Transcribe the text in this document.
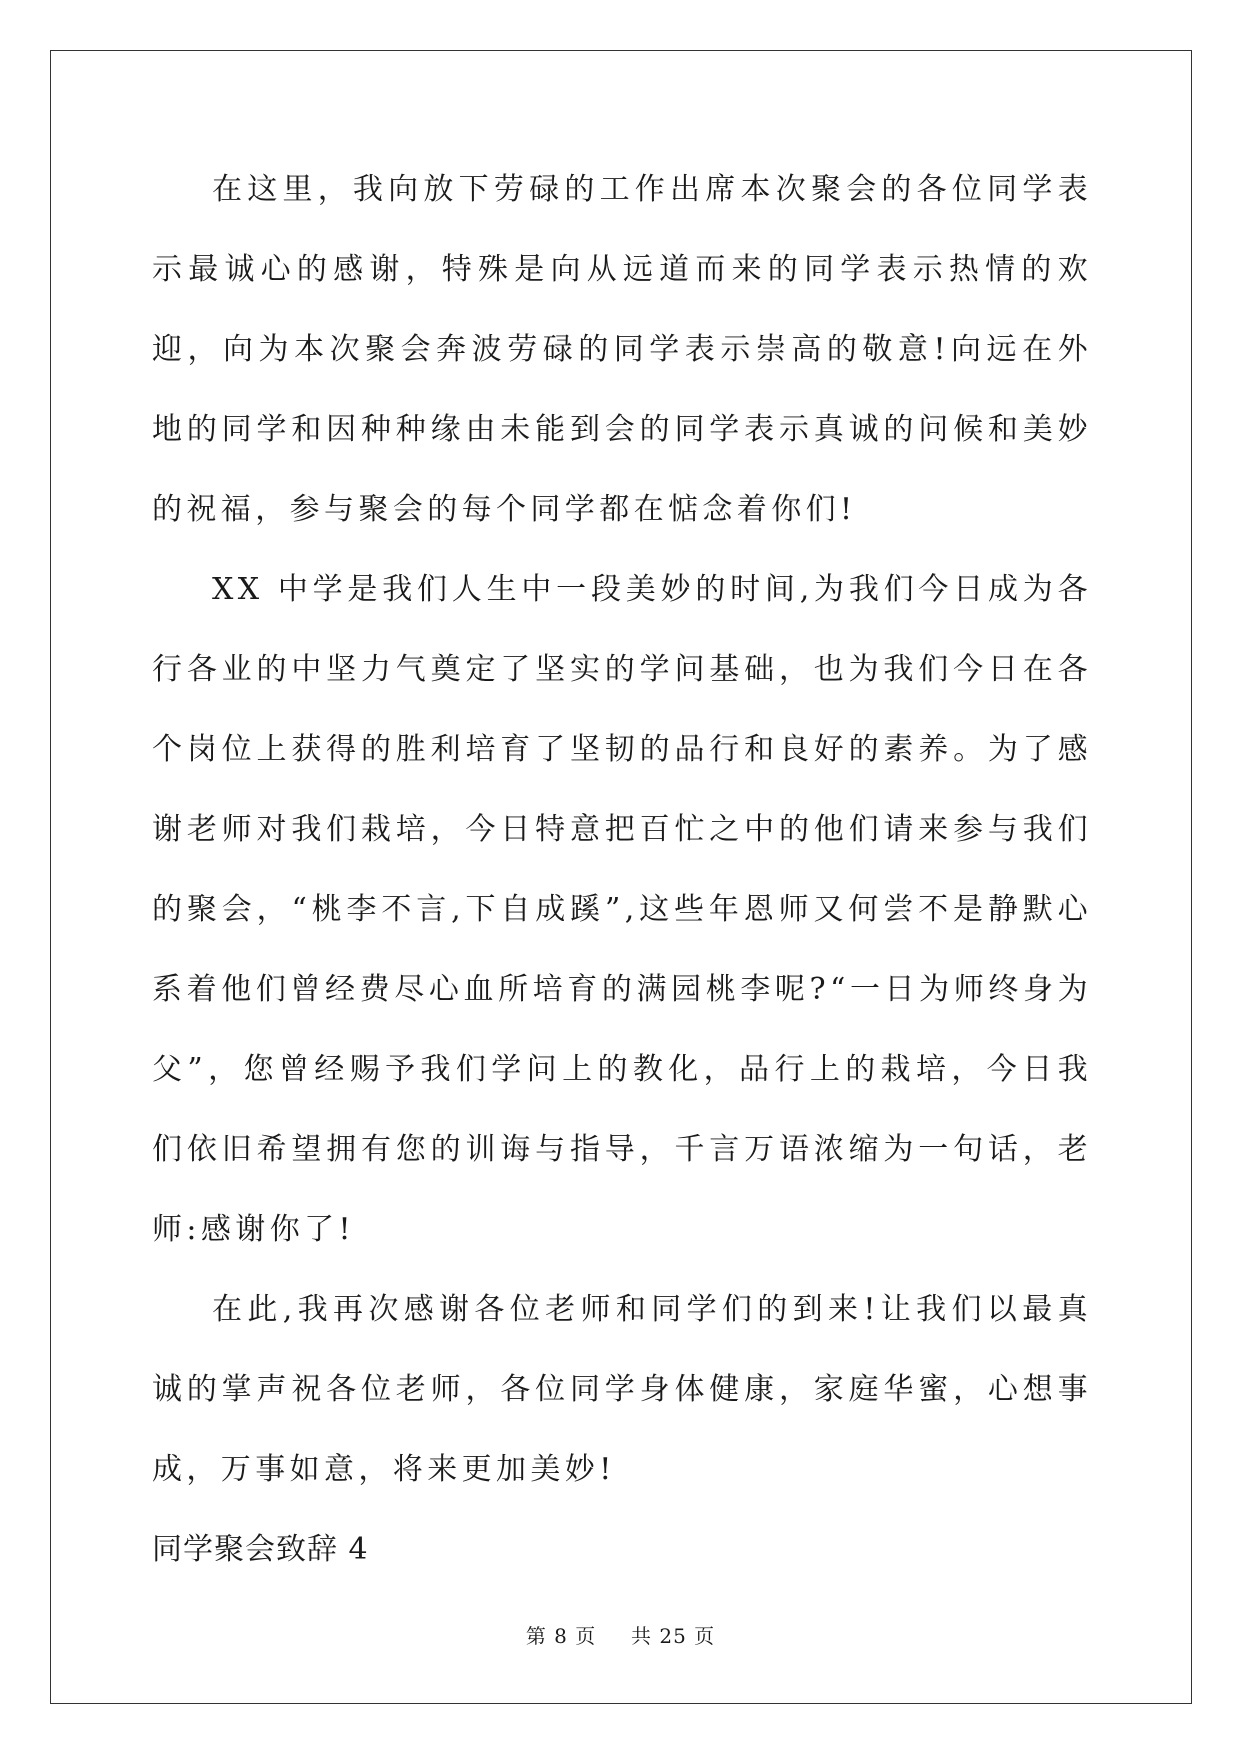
在这里，我向放下劳碌的工作出席本次聚会的各位同学表示最诚心的感谢，特殊是向从远道而来的同学表示热情的欢迎，向为本次聚会奔波劳碌的同学表示崇高的敬意!向远在外地的同学和因种种缘由未能到会的同学表示真诚的问候和美妙的祝福，参与聚会的每个同学都在惦念着你们!

XX 中学是我们人生中一段美妙的时间,为我们今日成为各行各业的中坚力气奠定了坚实的学问基础，也为我们今日在各个岗位上获得的胜利培育了坚韧的品行和良好的素养。为了感谢老师对我们栽培，今日特意把百忙之中的他们请来参与我们的聚会，“桃李不言,下自成蹊”,这些年恩师又何尝不是静默心系着他们曾经费尽心血所培育的满园桃李呢?“一日为师终身为父”，您曾经赐予我们学问上的教化，品行上的栽培，今日我们依旧希望拥有您的训诲与指导，千言万语浓缩为一句话，老师:感谢你了!

在此,我再次感谢各位老师和同学们的到来!让我们以最真诚的掌声祝各位老师，各位同学身体健康，家庭华蜜，心想事成，万事如意，将来更加美妙!

同学聚会致辞 4

第 8 页 共 25 页
